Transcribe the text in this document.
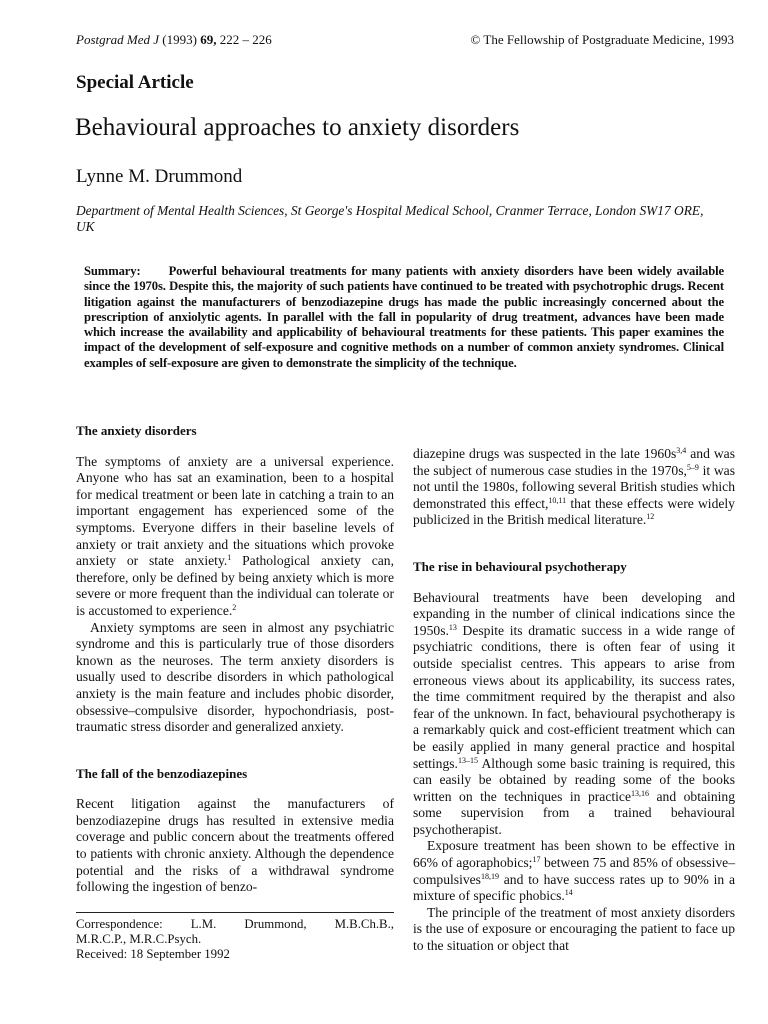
Postgrad Med J (1993) 69, 222 – 226	© The Fellowship of Postgraduate Medicine, 1993
Special Article
Behavioural approaches to anxiety disorders
Lynne M. Drummond
Department of Mental Health Sciences, St George's Hospital Medical School, Cranmer Terrace, London SW17 ORE, UK
Summary: Powerful behavioural treatments for many patients with anxiety disorders have been widely available since the 1970s. Despite this, the majority of such patients have continued to be treated with psychotrophic drugs. Recent litigation against the manufacturers of benzodiazepine drugs has made the public increasingly concerned about the prescription of anxiolytic agents. In parallel with the fall in popularity of drug treatment, advances have been made which increase the availability and applicability of behavioural treatments for these patients. This paper examines the impact of the development of self-exposure and cognitive methods on a number of common anxiety syndromes. Clinical examples of self-exposure are given to demonstrate the simplicity of the technique.
The anxiety disorders

The symptoms of anxiety are a universal experience. Anyone who has sat an examination, been to a hospital for medical treatment or been late in catching a train to an important engagement has experienced some of the symptoms. Everyone differs in their baseline levels of anxiety or trait anxiety and the situations which provoke anxiety or state anxiety.$^1$ Pathological anxiety can, therefore, only be defined by being anxiety which is more severe or more frequent than the individual can tolerate or is accustomed to experience.$^2$

Anxiety symptoms are seen in almost any psychiatric syndrome and this is particularly true of those disorders known as the neuroses. The term anxiety disorders is usually used to describe disorders in which pathological anxiety is the main feature and includes phobic disorder, obsessive–compulsive disorder, hypochondriasis, post-traumatic stress disorder and generalized anxiety.

The fall of the benzodiazepines

Recent litigation against the manufacturers of benzodiazepine drugs has resulted in extensive media coverage and public concern about the treatments offered to patients with chronic anxiety. Although the dependence potential and the risks of a withdrawal syndrome following the ingestion of benzo-

diazepine drugs was suspected in the late $1960s^{3,4}$ and was the subject of numerous case studies in the 1970s,$^{5-9}$ it was not until the 1980s, following several British studies which demonstrated this effect,$^{10,11}$ that these effects were widely publicized in the British medical literature.$^{12}$

The rise in behavioural psychotherapy

Behavioural treatments have been developing and expanding in the number of clinical indications since the 1950s.$^{13}$ Despite its dramatic success in a wide range of psychiatric conditions, there is often fear of using it outside specialist centres. This appears to arise from erroneous views about its applicability, its success rates, the time commitment required by the therapist and also fear of the unknown. In fact, behavioural psychotherapy is a remarkably quick and cost-efficient treatment which can be easily applied in many general practice and hospital settings.$^{13-15}$ Although some basic training is required, this can easily be obtained by reading some of the books written on the techniques in practice$^{13,16}$ and obtaining some supervision from a trained behavioural psychotherapist.

Exposure treatment has been shown to be effective in 66% of agoraphobics;$^{17}$ between 75 and 85% of obsessive–compulsives$^{18,19}$ and to have success rates up to 90% in a mixture of specific phobics.$^{14}$

The principle of the treatment of most anxiety disorders is the use of exposure or encouraging the patient to face up to the situation or object that

Correspondence: L.M. Drummond, M.B.Ch.B.,
M.R.C.P., M.R.C.Psych.
Received: 18 September 1992
